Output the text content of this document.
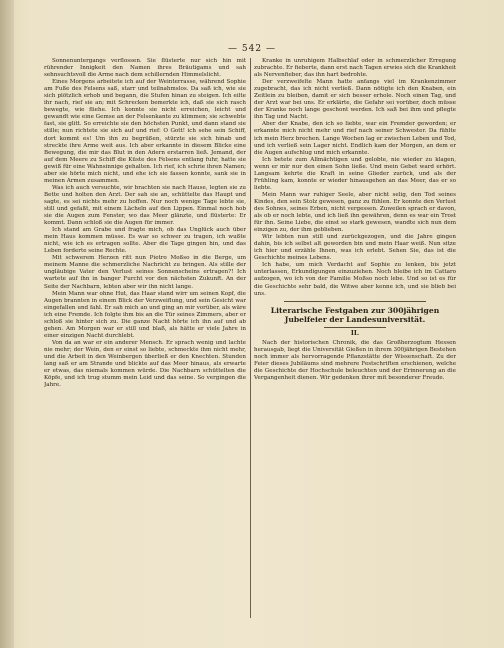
— 542 —

Sonnenuntergangs verflossen. Sie flüsterte nur sich hin mit rührender Innigkeit den Namen ihres Bräutigams und sah sehnsuchtsvoll die Arme nach dem schillernden Himmelslicht.

Eines Morgens arbeitete ich auf der Weinterrasse, während Sophie am Fuße des Felsens saß, starr und teilnahmslos. Da saß ich, wie sie sich plötzlich erhob und begann, die Stufen hinan zu steigen. Ich eilte ihr nach, rief sie an; mit Schrecken bemerkte ich, daß sie sich rasch bewegte, wie fliehe. Ich konnte sie nicht erreichen, leicht und gewandt wie eine Gemse an der Felsenkante zu klimmen; sie schwebte fast, sie glitt. So erreichte sie den höchsten Punkt, und dann stand sie stille; nun richtete sie sich auf und rief: O Gott! ich sehe sein Schiff, dort kommt es! Um ihn zu begrüßen, stürzte sie sich hinab und streckte ihre Arme weit aus. Ich aber erkannte in diesem Blicke eine Bewegung, die mir das Blut in den Adern erstarren ließ. Jemand, der auf dem Meere zu Schiff die Küste des Felsens entlang fuhr, hatte sie gewiß für eine Wahnsinnige gehalten. Ich rief, ich schrie ihren Namen; aber sie hörte mich nicht, und ehe ich sie fassen konnte, sank sie in meinen Armen zusammen.

Was ich auch versuchte, wir brachten sie nach Hause, legten sie zu Bette und holten den Arzt. Der sah sie an, schüttelte das Haupt und sagte, es sei nichts mehr zu hoffen. Nur noch wenige Tage lebte sie, still und gefaßt, mit einem Lächeln auf den Lippen. Einmal noch hob sie die Augen zum Fenster, wo das Meer glänzte, und flüsterte: Er kommt. Dann schloß sie die Augen für immer.

Ich stand am Grabe und fragte mich, ob das Unglück auch über mein Haus kommen müsse. Es war so schwer zu tragen, ich wußte nicht, wie ich es ertragen sollte. Aber die Tage gingen hin, und das Leben forderte seine Rechte.

Mit schwerem Herzen ritt nun Pietro Moßso in die Berge, um meinem Manne die schmerzliche Nachricht zu bringen. Als stille der ungläubige Vater den Verlust seines Sonnenscheins ertragen?! Ich wartete auf ihn in banger Furcht vor den nächsten Zukunft. An der Seite der Nachbarn, lebten aber wir ihn nicht lange.

Mein Mann war ohne Hut, das Haar stand wirr um seinen Kopf, die Augen brannten in einem Blick der Verzweiflung, und sein Gesicht war eingefallen und fahl. Er sah mich an und ging an mir vorüber, als wäre ich eine Fremde. Ich folgte ihm bis an die Tür seines Zimmers, aber er schloß sie hinter sich zu. Die ganze Nacht hörte ich ihn auf und ab gehen. Am Morgen war er still und blaß, als hätte er viele Jahre in einer einzigen Nacht durchlebt.

Von da an war er ein anderer Mensch. Er sprach wenig und lachte nie mehr; der Wein, den er einst so liebte, schmeckte ihm nicht mehr, und die Arbeit in den Weinbergen überließ er den Knechten. Stunden lang saß er am Strande und blickte auf das Meer hinaus, als erwarte er etwas, das niemals kommen würde. Die Nachbarn schüttelten die Köpfe, und ich trug stumm mein Leid und das seine. So vergingen die Jahre.

Kranke in unruhigem Halbschlaf oder in schmerzlicher Erregung zubrachte. Er fieberte, dann erst nach Tagen erwies sich die Krankheit als Nervenfieber, das ihn hart bedrohte.

Der verzweifelte Mann hatte anfangs viel im Krankenzimmer zugebracht, das ich nicht verließ. Dann nötigte ich den Knaben, ein Zeitlein zu bleiben, damit er sich besser erhole. Noch einen Tag, und der Arzt war bei uns. Er erklärte, die Gefahr sei vorüber, doch müsse der Kranke noch lange geschont werden. Ich saß bei ihm und pflegte ihn Tag und Nacht.

Aber der Knabe, den ich so liebte, war ein Fremder geworden; er erkannte mich nicht mehr und rief nach seiner Schwester. Da fühlte ich mein Herz brechen. Lange Wochen lag er zwischen Leben und Tod, und ich verließ sein Lager nicht. Endlich kam der Morgen, an dem er die Augen aufschlug und mich erkannte.

Ich betete zum Allmächtigen und gelobte, nie wieder zu klagen, wenn er mir nur den einen Sohn ließe. Und mein Gebet ward erhört. Langsam kehrte die Kraft in seine Glieder zurück, und als der Frühling kam, konnte er wieder hinausgehen an das Meer, das er so liebte.

Mein Mann war ruhiger Seele, aber nicht selig, den Tod seines Kindes, den sein Stolz gewesen, ganz zu fühlen. Er konnte den Verlust des Sohnes, seines Erben, nicht vergessen. Zuweilen sprach er davon, als ob er noch lebte, und ich ließ ihn gewähren, denn es war ein Trost für ihn. Seine Liebe, die einst so stark gewesen, wandte sich nun dem einzigen zu, der ihm geblieben.

Wir lebten nun still und zurückgezogen, und die Jahre gingen dahin, bis ich selbst alt geworden bin und mein Haar weiß. Nun sitze ich hier und erzähle Ihnen, was ich erlebt. Sehen Sie, das ist die Geschichte meines Lebens.

Ich habe, um mich Verdacht auf Sophie zu lenken, bis jetzt unterlassen, Erkundigungen einzuziehen. Noch bleibe ich im Cattaro aufzogen, wo ich von der Familie Moßso noch lebe. Und so ist es für die Geschichte sehr bald, die Witwe aber kenne ich, und sie blieb bei uns.

Literarische Festgaben zur 300jährigen Jubelfeier der Landesuniversität.
II.

Nach der historischen Chronik, die das Großherzogtum Hessen herausgab, liegt die Universität Gießen in ihrem 300jährigen Bestehen noch immer als hervorragende Pflanzstätte der Wissenschaft. Zu der Feier dieses Jubiläums sind mehrere Festschriften erschienen, welche die Geschichte der Hochschule beleuchten und der Erinnerung an die Vergangenheit dienen. Wir gedenken ihrer mit besonderer Freude.
